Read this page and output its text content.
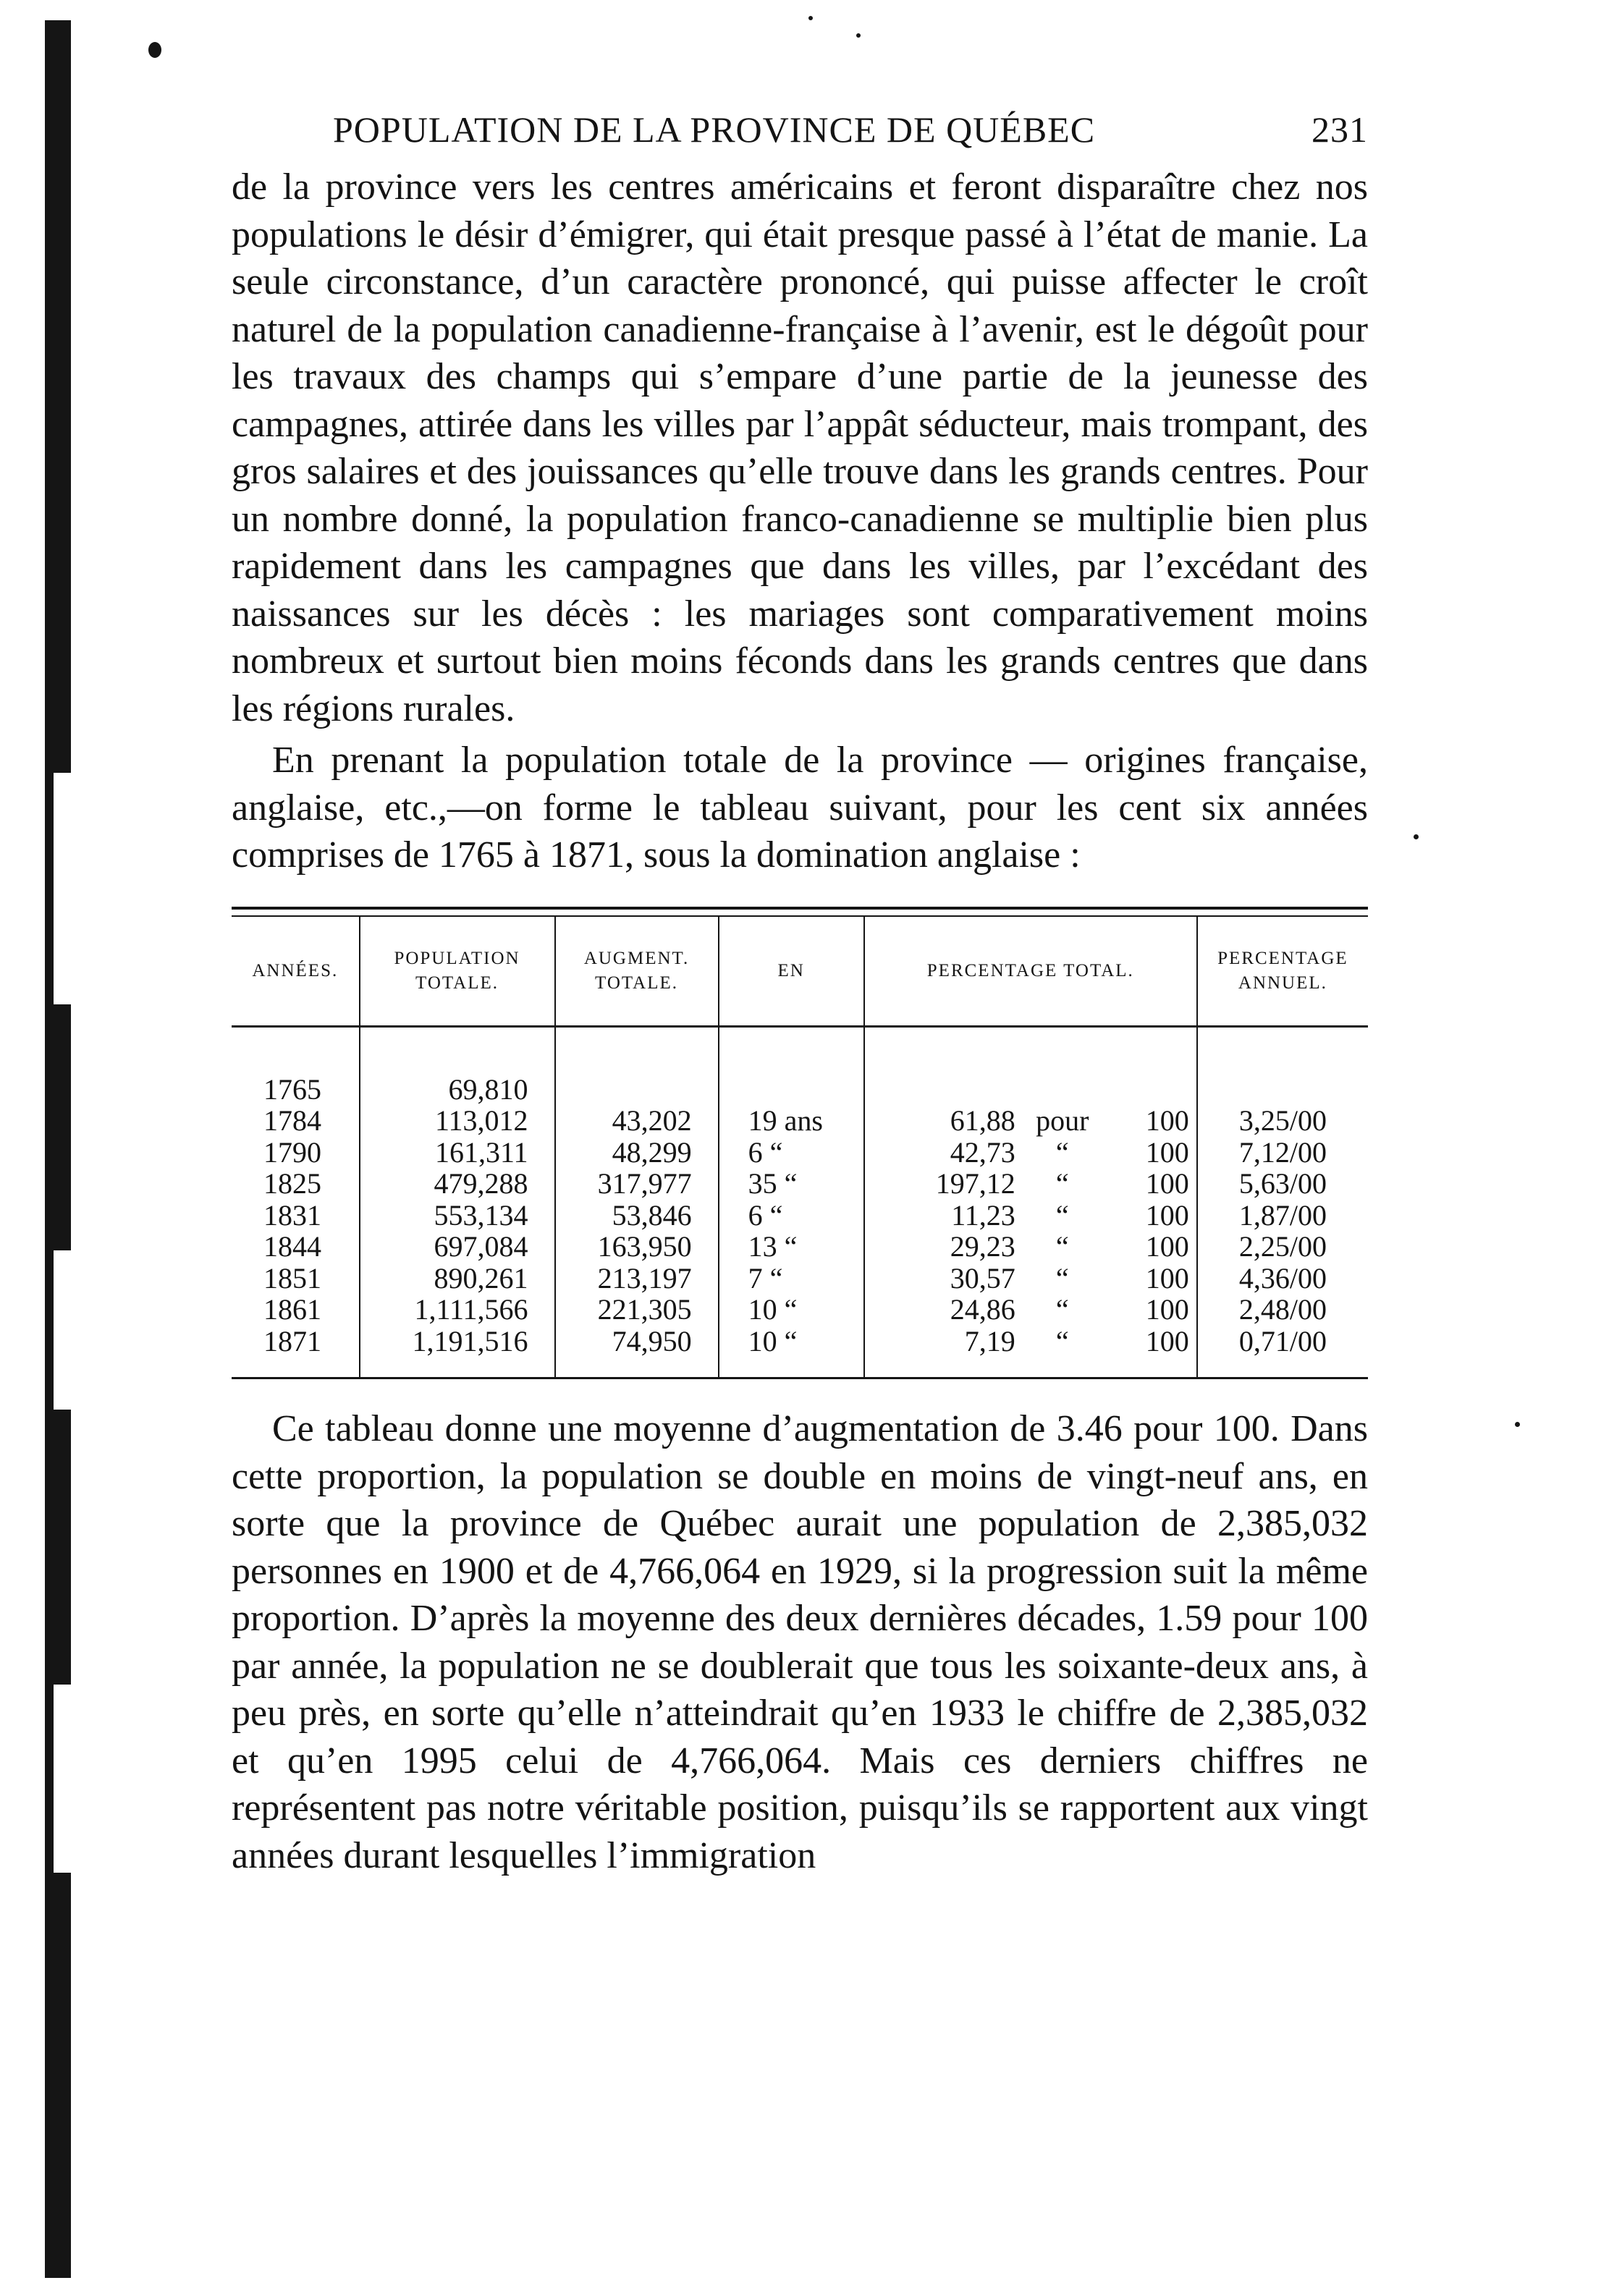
POPULATION DE LA PROVINCE DE QUÉBEC	231

de la province vers les centres américains et feront disparaître chez nos populations le désir d’émigrer, qui était presque passé à l’état de manie. La seule circonstance, d’un caractère prononcé, qui puisse affecter le croît naturel de la population canadienne-française à l’avenir, est le dégoût pour les travaux des champs qui s’empare d’une partie de la jeunesse des campagnes, attirée dans les villes par l’appât séducteur, mais trompant, des gros salaires et des jouissances qu’elle trouve dans les grands centres. Pour un nombre donné, la population franco-canadienne se multiplie bien plus rapidement dans les campagnes que dans les villes, par l’excédant des naissances sur les décès : les mariages sont comparativement moins nombreux et surtout bien moins féconds dans les grands centres que dans les régions rurales.

En prenant la population totale de la province — origines française, anglaise, etc.,—on forme le tableau suivant, pour les cent six années comprises de 1765 à 1871, sous la domination anglaise :

ANNÉES.	POPULATION TOTALE.	AUGMENT. TOTALE.	EN	PERCENTAGE TOTAL.	PERCENTAGE ANNUEL.
1765	69,810			

1784	113,012	43,202	19 ans	61,88 pour 100	3,25/00
1790	161,311	48,299	6 “	42,73 “ 100	7,12/00
1825	479,288	317,977	35 “	197,12 “ 100	5,63/00
1831	553,134	53,846	6 “	11,23 “ 100	1,87/00
1844	697,084	163,950	13 “	29,23 “ 100	2,25/00
1851	890,261	213,197	7 “	30,57 “ 100	4,36/00
1861	1,111,566	221,305	10 “	24,86 “ 100	2,48/00
1871	1,191,516	74,950	10 “	7,19 “ 100	0,71/00

Ce tableau donne une moyenne d’augmentation de 3.46 pour 100. Dans cette proportion, la population se double en moins de vingt-neuf ans, en sorte que la province de Québec aurait une population de 2,385,032 personnes en 1900 et de 4,766,064 en 1929, si la progression suit la même proportion. D’après la moyenne des deux dernières décades, 1.59 pour 100 par année, la population ne se doublerait que tous les soixante-deux ans, à peu près, en sorte qu’elle n’atteindrait qu’en 1933 le chiffre de 2,385,032 et qu’en 1995 celui de 4,766,064. Mais ces derniers chiffres ne représentent pas notre véritable position, puisqu’ils se rapportent aux vingt années durant lesquelles l’immigration
